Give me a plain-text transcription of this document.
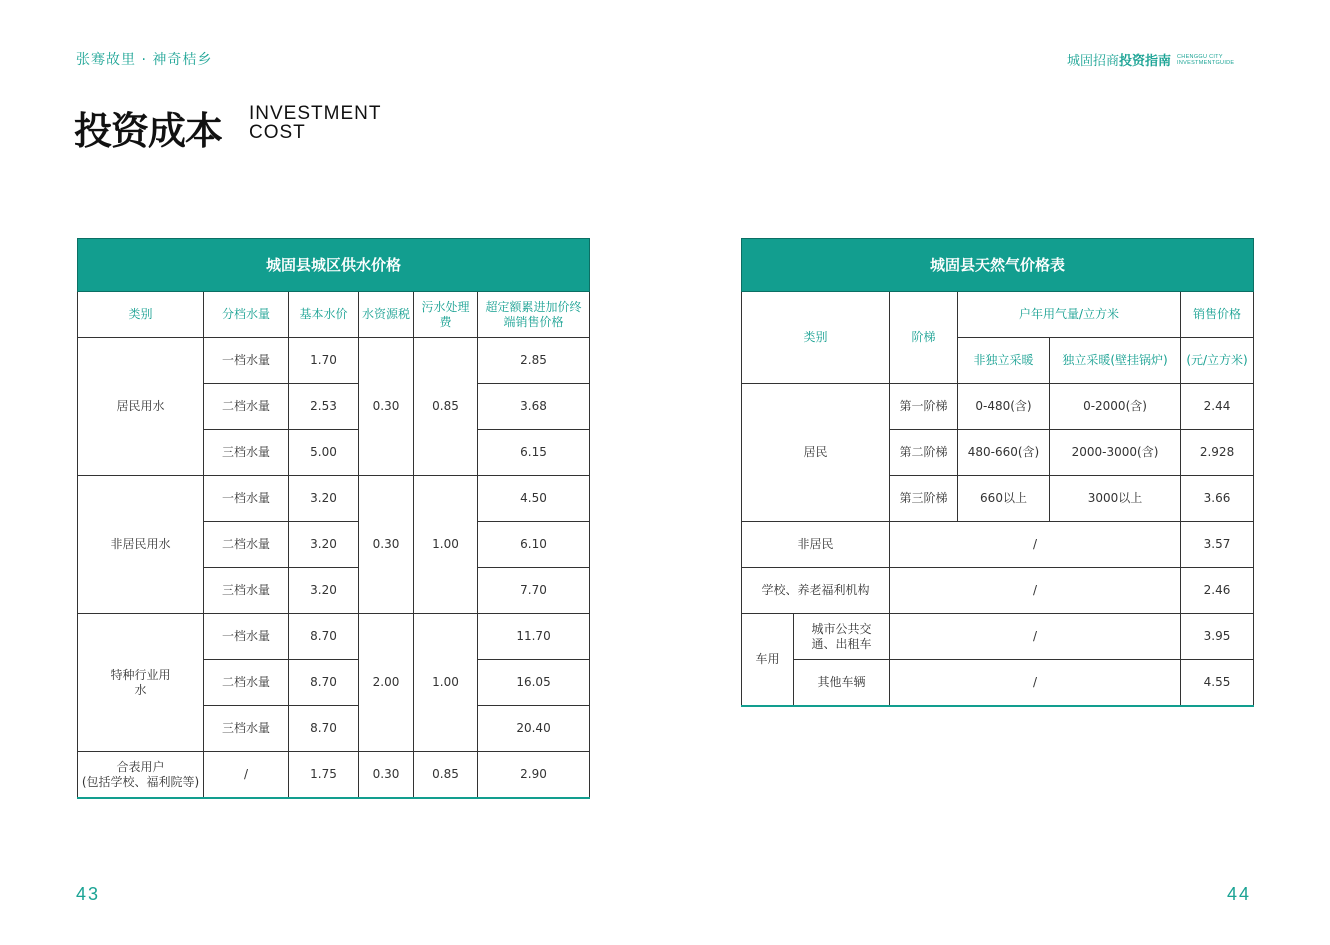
张骞故里 · 神奇桔乡	城固招商投资指南 CHENGGU CITY
INVESTMENTGUIDE
投资成本 INVESTMENT
COST
城固县城区供水价格					
类别	分档水量	基本水价	水资源税	污水处理费	超定额累进加价终端销售价格
居民用水	一档水量	1.70	0.30	0.85	2.85
	二档水量	2.53			3.68
	三档水量	5.00			6.15
非居民用水	一档水量	3.20	0.30	1.00	4.50
	二档水量	3.20			6.10
	三档水量	3.20			7.70
特种行业用水	一档水量	8.70	2.00	1.00	11.70
	二档水量	8.70			16.05
	三档水量	8.70			20.40

合表用户
(包括学校、福利院等)	/	1.75	0.30	0.85	2.90
城固县天然气价格表					
类别		阶梯	户年用气量/立方米		销售价格
			非独立采暖	独立采暖(壁挂锅炉)	(元/立方米)
居民		第一阶梯	0-480(含)	0-2000(含)	2.44
		第二阶梯	480-660(含)	2000-3000(含)	2.928
		第三阶梯	660以上	3000以上	3.66
非居民		/			3.57
学校、养老福利机构		/			2.46
车用	城市公共交通、出租车	/			3.95
	其他车辆	/			4.55
43	44
